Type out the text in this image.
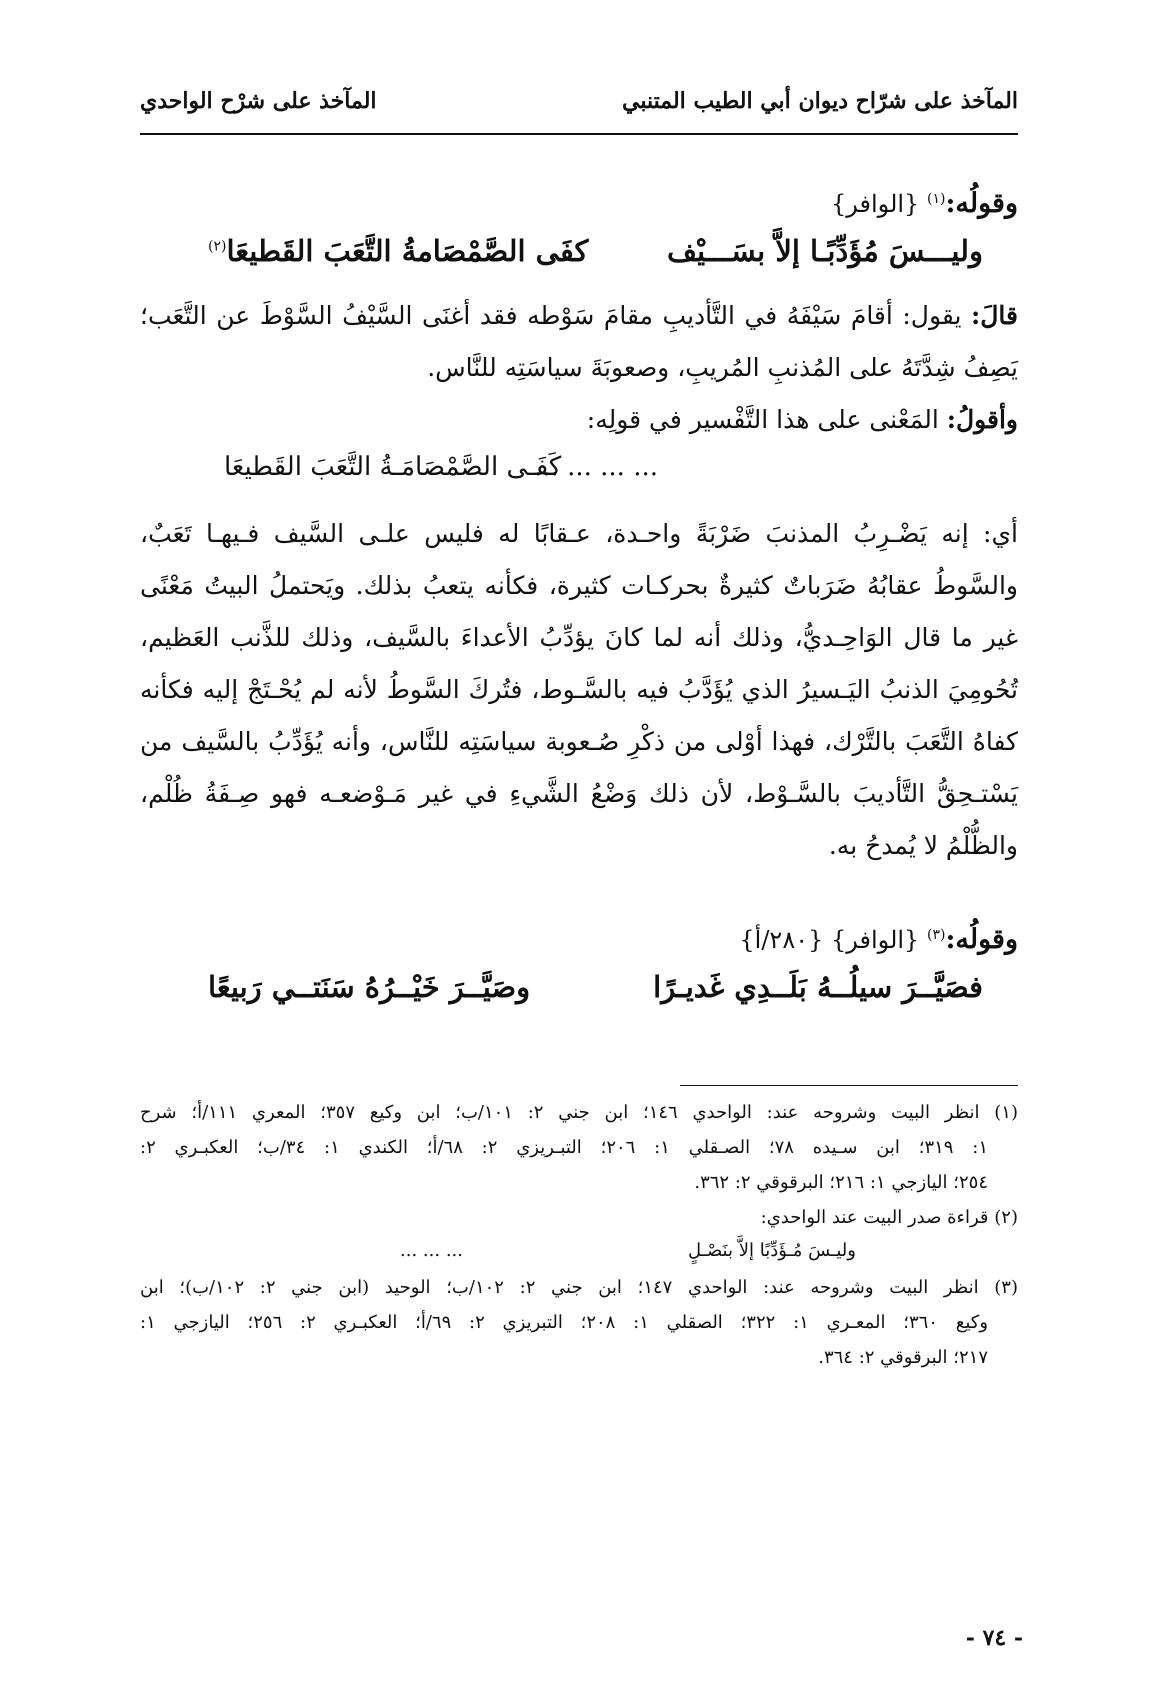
المآخذ على شرّاح ديوان أبي الطيب المتنبي
المآخذ على شرْح الواحدي
وقولُه:$^{(١)}$ {الوافر}
وليـــسَ مُؤَدِّبًـا إلاَّ بسَـــيْف
كفَى الصَّمْصَامةُ التَّعَبَ القَطيعَا$^{(٢)}$
قالَ: يقول: أقامَ سَيْفَهُ في التَّأديبِ مقامَ سَوْطه فقد أغنَى السَّيْفُ السَّوْطَ عن التَّعَب؛
يَصِفُ شِدَّتَهُ على المُذنبِ المُريبِ، وصعوبَةَ سياسَتِه للنَّاس.
وأقولُ: المَعْنى على هذا التَّفْسير في قولِه:
... ... ... ...
كَفَـى الصَّمْصَامَـةُ التَّعَبَ القَطيعَا
أي: إنه يَضْـرِبُ المذنبَ ضَرْبَةً واحـدة، عـقابًا له فليس علـى السَّيف فـيهـا تَعَبٌ،
والسَّوطُ عقابُهُ ضَرَباتٌ كثيرةٌ بحركـات كثيرة، فكأنه يتعبُ بذلك. ويَحتملُ البيتُ مَعْنًى
غير ما قال الوَاحِـديُّ، وذلك أنه لما كانَ يؤدِّبُ الأعداءَ بالسَّيف، وذلك للذَّنب العَظيم،
تُحُومِيَ الذنبُ اليَـسيرُ الذي يُؤَدَّبُ فيه بالسَّـوط، فتُركَ السَّوطُ لأنه لم يُحْـتَجْ إليه فكأنه
كفاهُ التَّعَبَ بالتَّرْك، فهذا أوْلى من ذكْرِ صُـعوبة سياسَتِه للنَّاس، وأنه يُؤَدِّبُ بالسَّيف من
يَسْتـحِقُّ التَّأديبَ بالسَّـوْط، لأن ذلك وَضْعُ الشَّيءِ في غير مَـوْضعـه فهو صِـفَةُ ظُلْم،
والظُّلْمُ لا يُمدحُ به.
وقولُه:$^{(٣)}$ {الوافر} {٢٨٠/أ}
فصَيَّــرَ سيلُــهُ بَلَــدِي غَديـرًا
وصَيَّــرَ خَيْــرُهُ سَنَتــي رَبيعًا
(١) انظر البيت وشروحه عند: الواحدي ١٤٦؛ ابن جني ٢: ١٠١/ب؛ ابن وكيع ٣٥٧؛ المعري ١١١/أ؛ شرح
١: ٣١٩؛ ابن سـيده ٧٨؛ الصـقلي ١: ٢٠٦؛ التبـريزي ٢: ٦٨/أ؛ الكندي ١: ٣٤/ب؛ العكبـري ٢:
٢٥٤؛ اليازجي ١: ٢١٦؛ البرقوقي ٢: ٣٦٢.
(٢) قراءة صدر البيت عند الواحدي:
وليـسَ مُـؤَدِّبًا إلاَّ بنَصْـلٍ
... ... ...
(٣) انظر البيت وشروحه عند: الواحدي ١٤٧؛ ابن جني ٢: ١٠٢/ب؛ الوحيد (ابن جني ٢: ١٠٢/ب)؛ ابن
وكيع ٣٦٠؛ المعـري ١: ٣٢٢؛ الصقلي ١: ٢٠٨؛ التبريزي ٢: ٦٩/أ؛ العكبـري ٢: ٢٥٦؛ اليازجي ١:
٢١٧؛ البرقوقي ٢: ٣٦٤.
- ٧٤ -
